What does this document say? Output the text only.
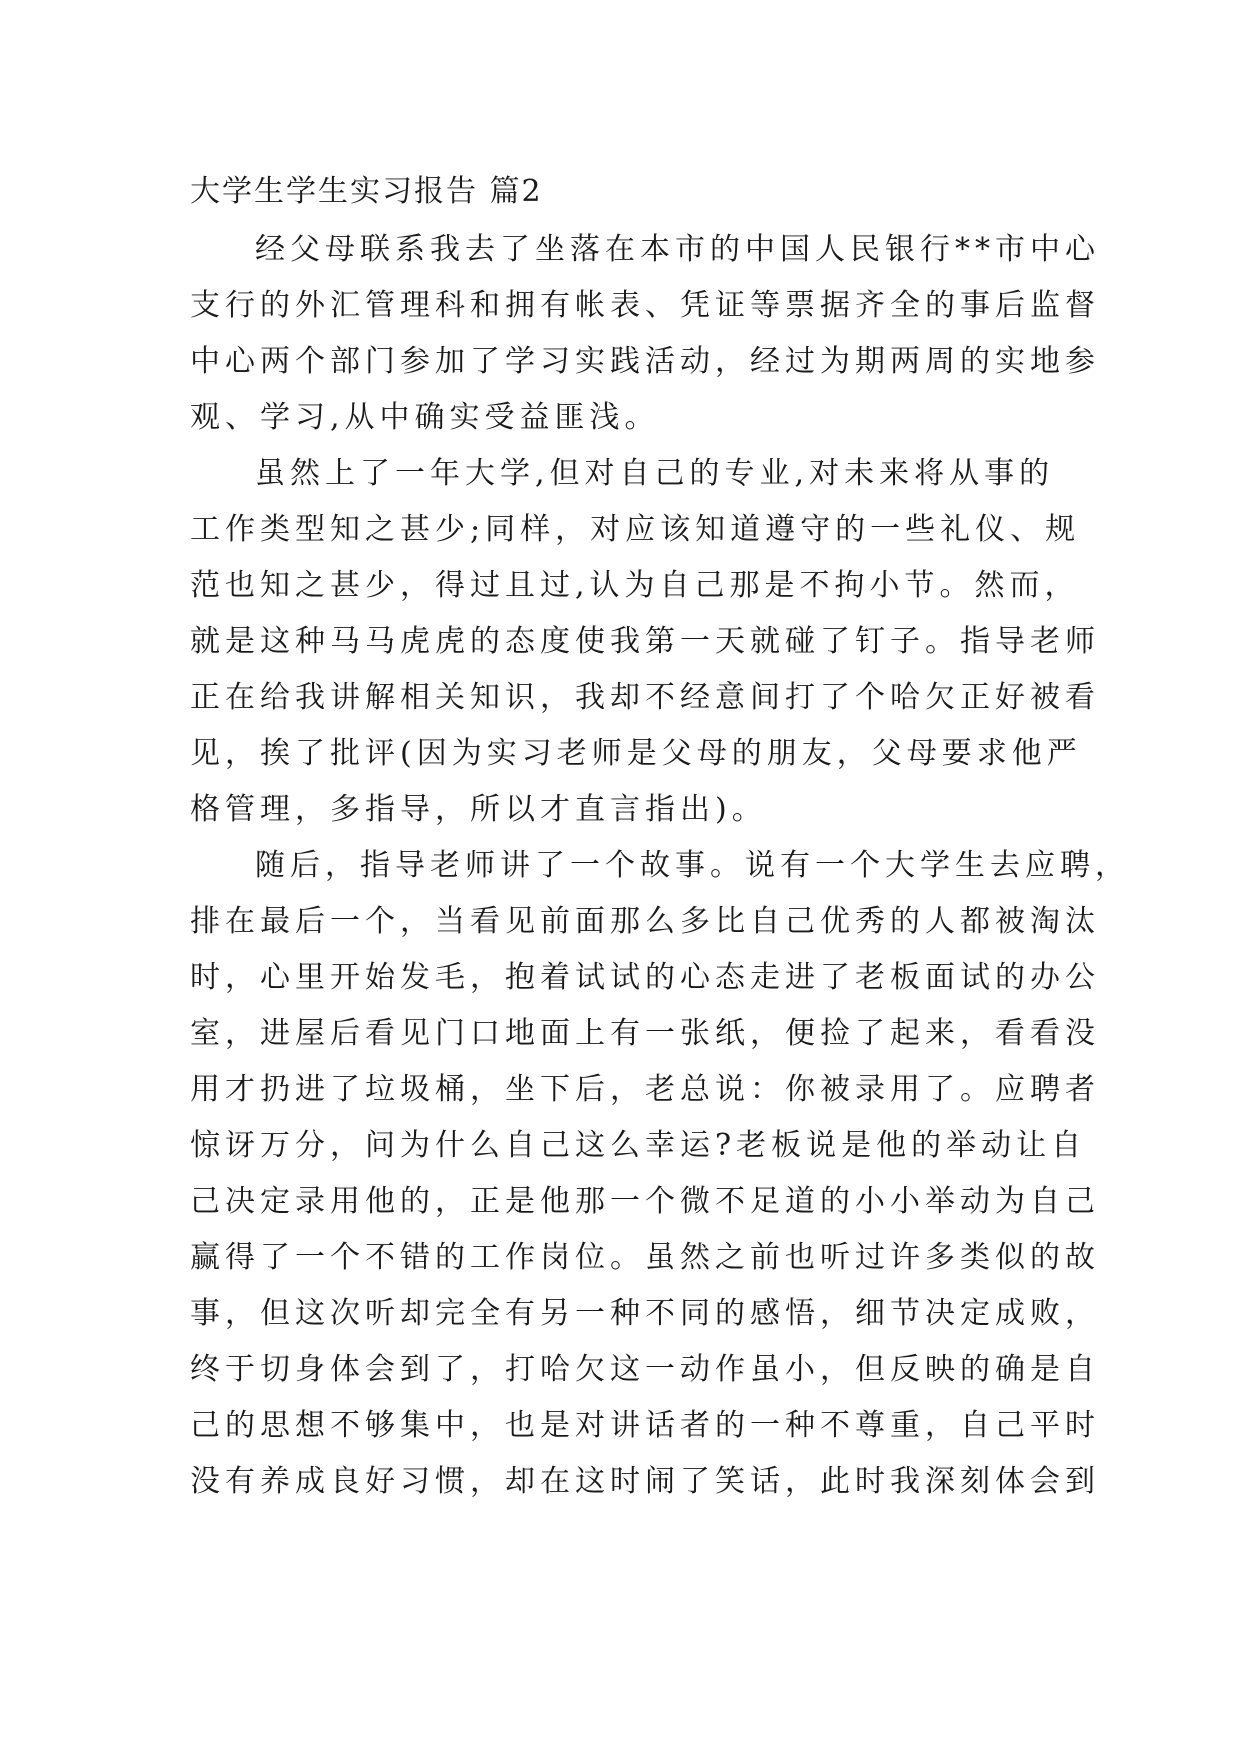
大学生学生实习报告 篇2
经父母联系我去了坐落在本市的中国人民银行**市中心
支行的外汇管理科和拥有帐表、凭证等票据齐全的事后监督
中心两个部门参加了学习实践活动，经过为期两周的实地参
观、学习,从中确实受益匪浅。
虽然上了一年大学,但对自己的专业,对未来将从事的
工作类型知之甚少;同样，对应该知道遵守的一些礼仪、规
范也知之甚少，得过且过,认为自己那是不拘小节。然而，
就是这种马马虎虎的态度使我第一天就碰了钉子。指导老师
正在给我讲解相关知识，我却不经意间打了个哈欠正好被看
见，挨了批评(因为实习老师是父母的朋友，父母要求他严
格管理，多指导，所以才直言指出)。
随后，指导老师讲了一个故事。说有一个大学生去应聘，
排在最后一个，当看见前面那么多比自己优秀的人都被淘汰
时，心里开始发毛，抱着试试的心态走进了老板面试的办公
室，进屋后看见门口地面上有一张纸，便捡了起来，看看没
用才扔进了垃圾桶，坐下后，老总说：你被录用了。应聘者
惊讶万分，问为什么自己这么幸运?老板说是他的举动让自
己决定录用他的，正是他那一个微不足道的小小举动为自己
赢得了一个不错的工作岗位。虽然之前也听过许多类似的故
事，但这次听却完全有另一种不同的感悟，细节决定成败，
终于切身体会到了，打哈欠这一动作虽小，但反映的确是自
己的思想不够集中，也是对讲话者的一种不尊重，自己平时
没有养成良好习惯，却在这时闹了笑话，此时我深刻体会到
